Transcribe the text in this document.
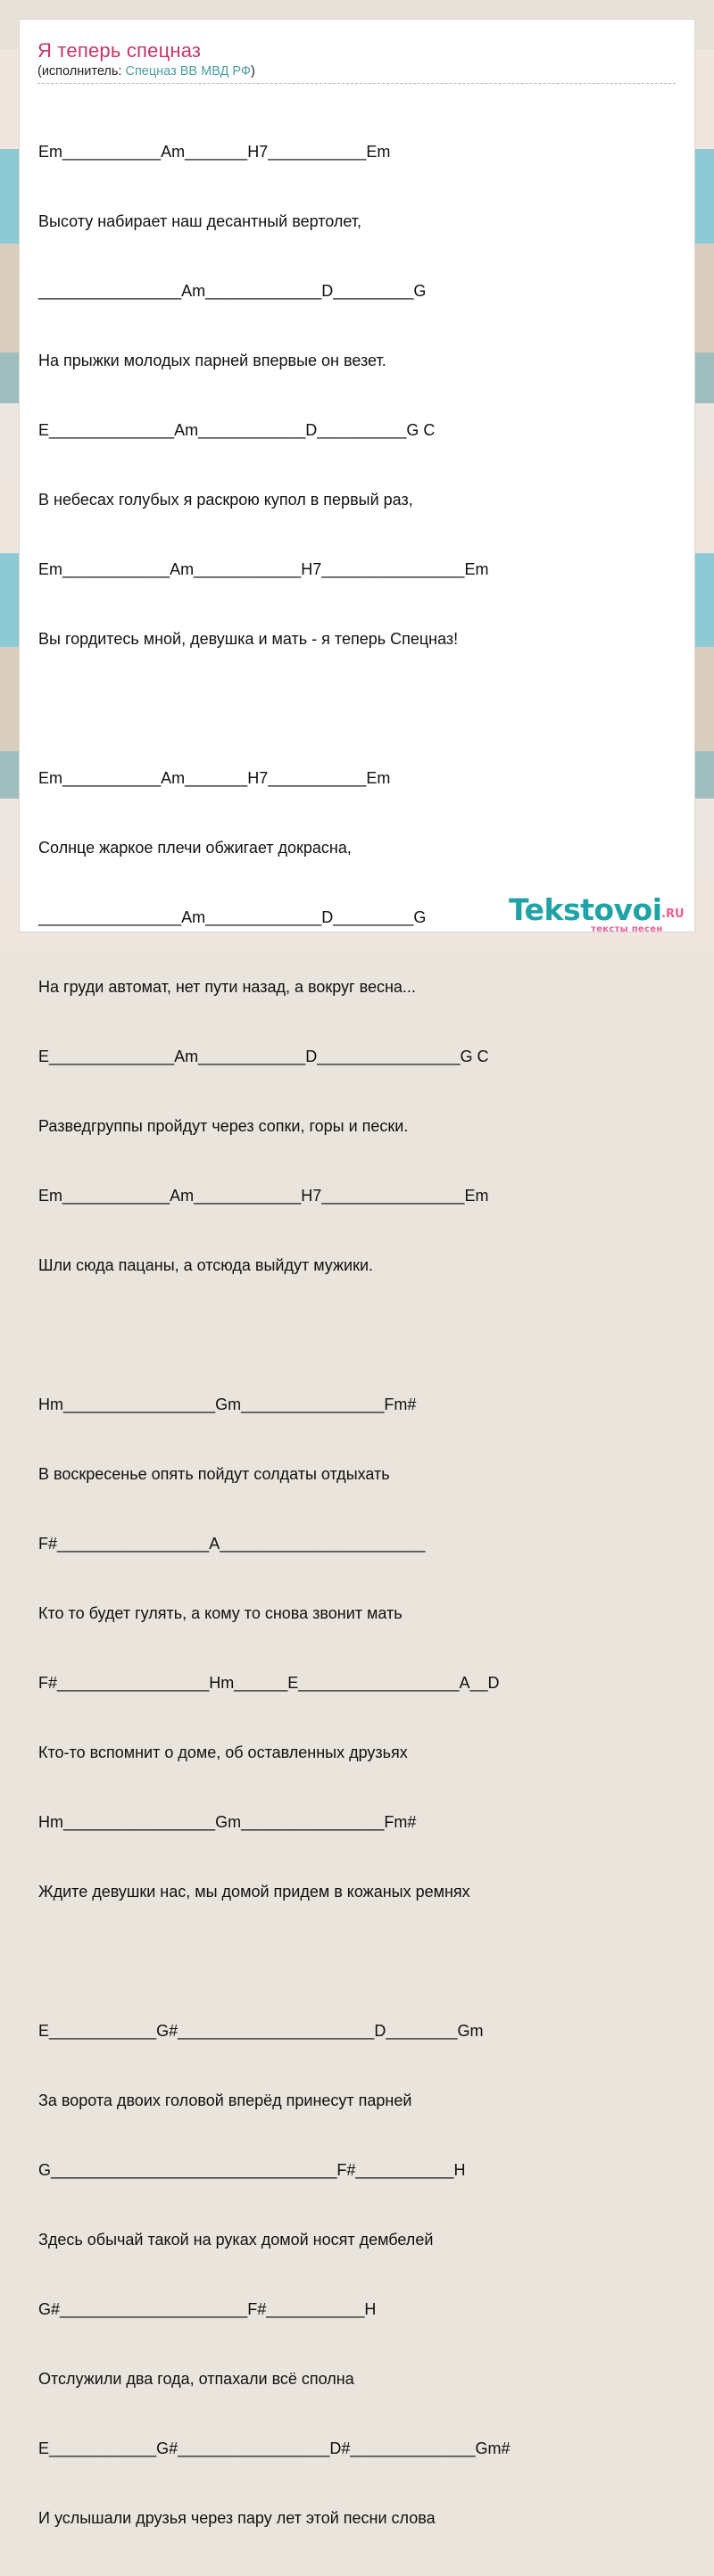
Я теперь спецназ
(исполнитель: Спецназ ВВ МВД РФ)

Em___________Am_______H7___________Em

Высоту набирает наш десантный вертолет,

________________Am_____________D_________G

На прыжки молодых парней впервые он везет.

E______________Am____________D__________G C

В небесах голубых я раскрою купол в первый раз,

Em____________Am____________H7________________Em

Вы гордитесь мной, девушка и мать - я теперь Спецназ!

Em___________Am_______H7___________Em

Солнце жаркое плечи обжигает докрасна,

________________Am_____________D_________G

На груди автомат, нет пути назад, а вокруг весна...

E______________Am____________D________________G C

Разведгруппы пройдут через сопки, горы и пески.

Em____________Am____________H7________________Em

Шли сюда пацаны, а отсюда выйдут мужики.

Hm_________________Gm________________Fm#

В воскресенье опять пойдут солдаты отдыхать

F#_________________A_______________________

Кто то будет гулять, а кому то снова звонит мать

F#_________________Hm______E__________________A__D

Кто-то вспомнит о доме, об оставленных друзьях

Hm_________________Gm________________Fm#

Ждите девушки нас, мы домой придем в кожаных ремнях

E____________G#______________________D________Gm

За ворота двоих головой вперёд принесут парней

G________________________________F#___________H

Здесь обычай такой на руках домой носят дембелей

G#_____________________F#___________H

Отслужили два года, отпахали всё сполна

E____________G#_________________D#______________Gm#

И услышали друзья через пару лет этой песни слова

Tekstovoi .RU
тексты песен
